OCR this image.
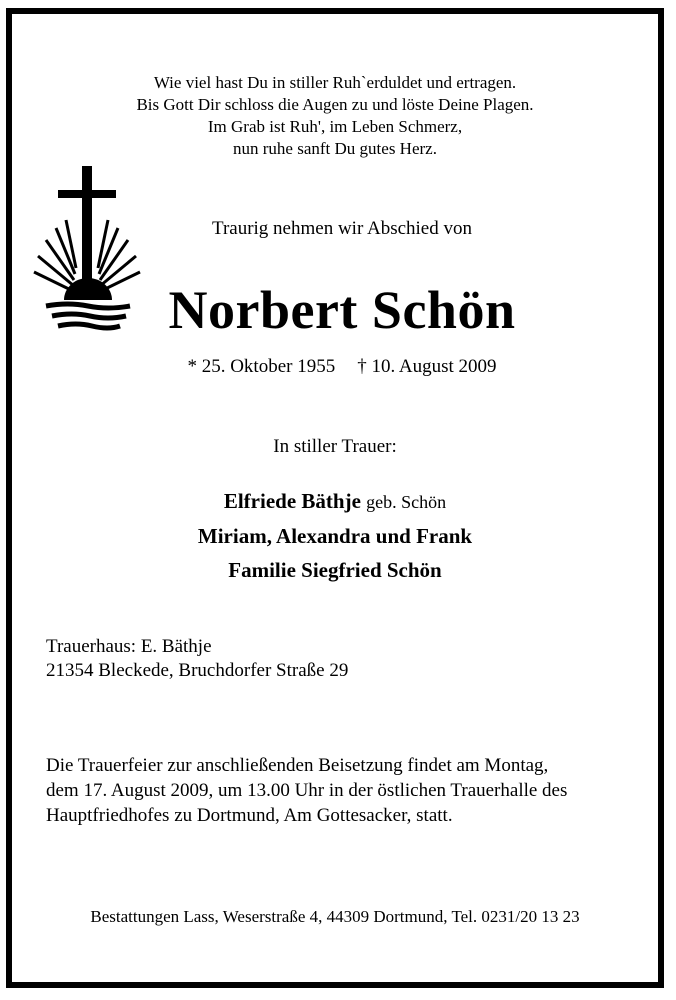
Wie viel hast Du in stiller Ruh`erduldet und ertragen.
Bis Gott Dir schloss die Augen zu und löste Deine Plagen.
Im Grab ist Ruh', im Leben Schmerz,
nun ruhe sanft Du gutes Herz.
Traurig nehmen wir Abschied von
Norbert Schön
* 25. Oktober 1955 † 10. August 2009
In stiller Trauer:
Elfriede Bäthje geb. Schön
Miriam, Alexandra und Frank
Familie Siegfried Schön
Trauerhaus: E. Bäthje
21354 Bleckede, Bruchdorfer Straße 29
Die Trauerfeier zur anschließenden Beisetzung findet am Montag,
dem 17. August 2009, um 13.00 Uhr in der östlichen Trauerhalle des
Hauptfriedhofes zu Dortmund, Am Gottesacker, statt.
Bestattungen Lass, Weserstraße 4, 44309 Dortmund, Tel. 0231/20 13 23
